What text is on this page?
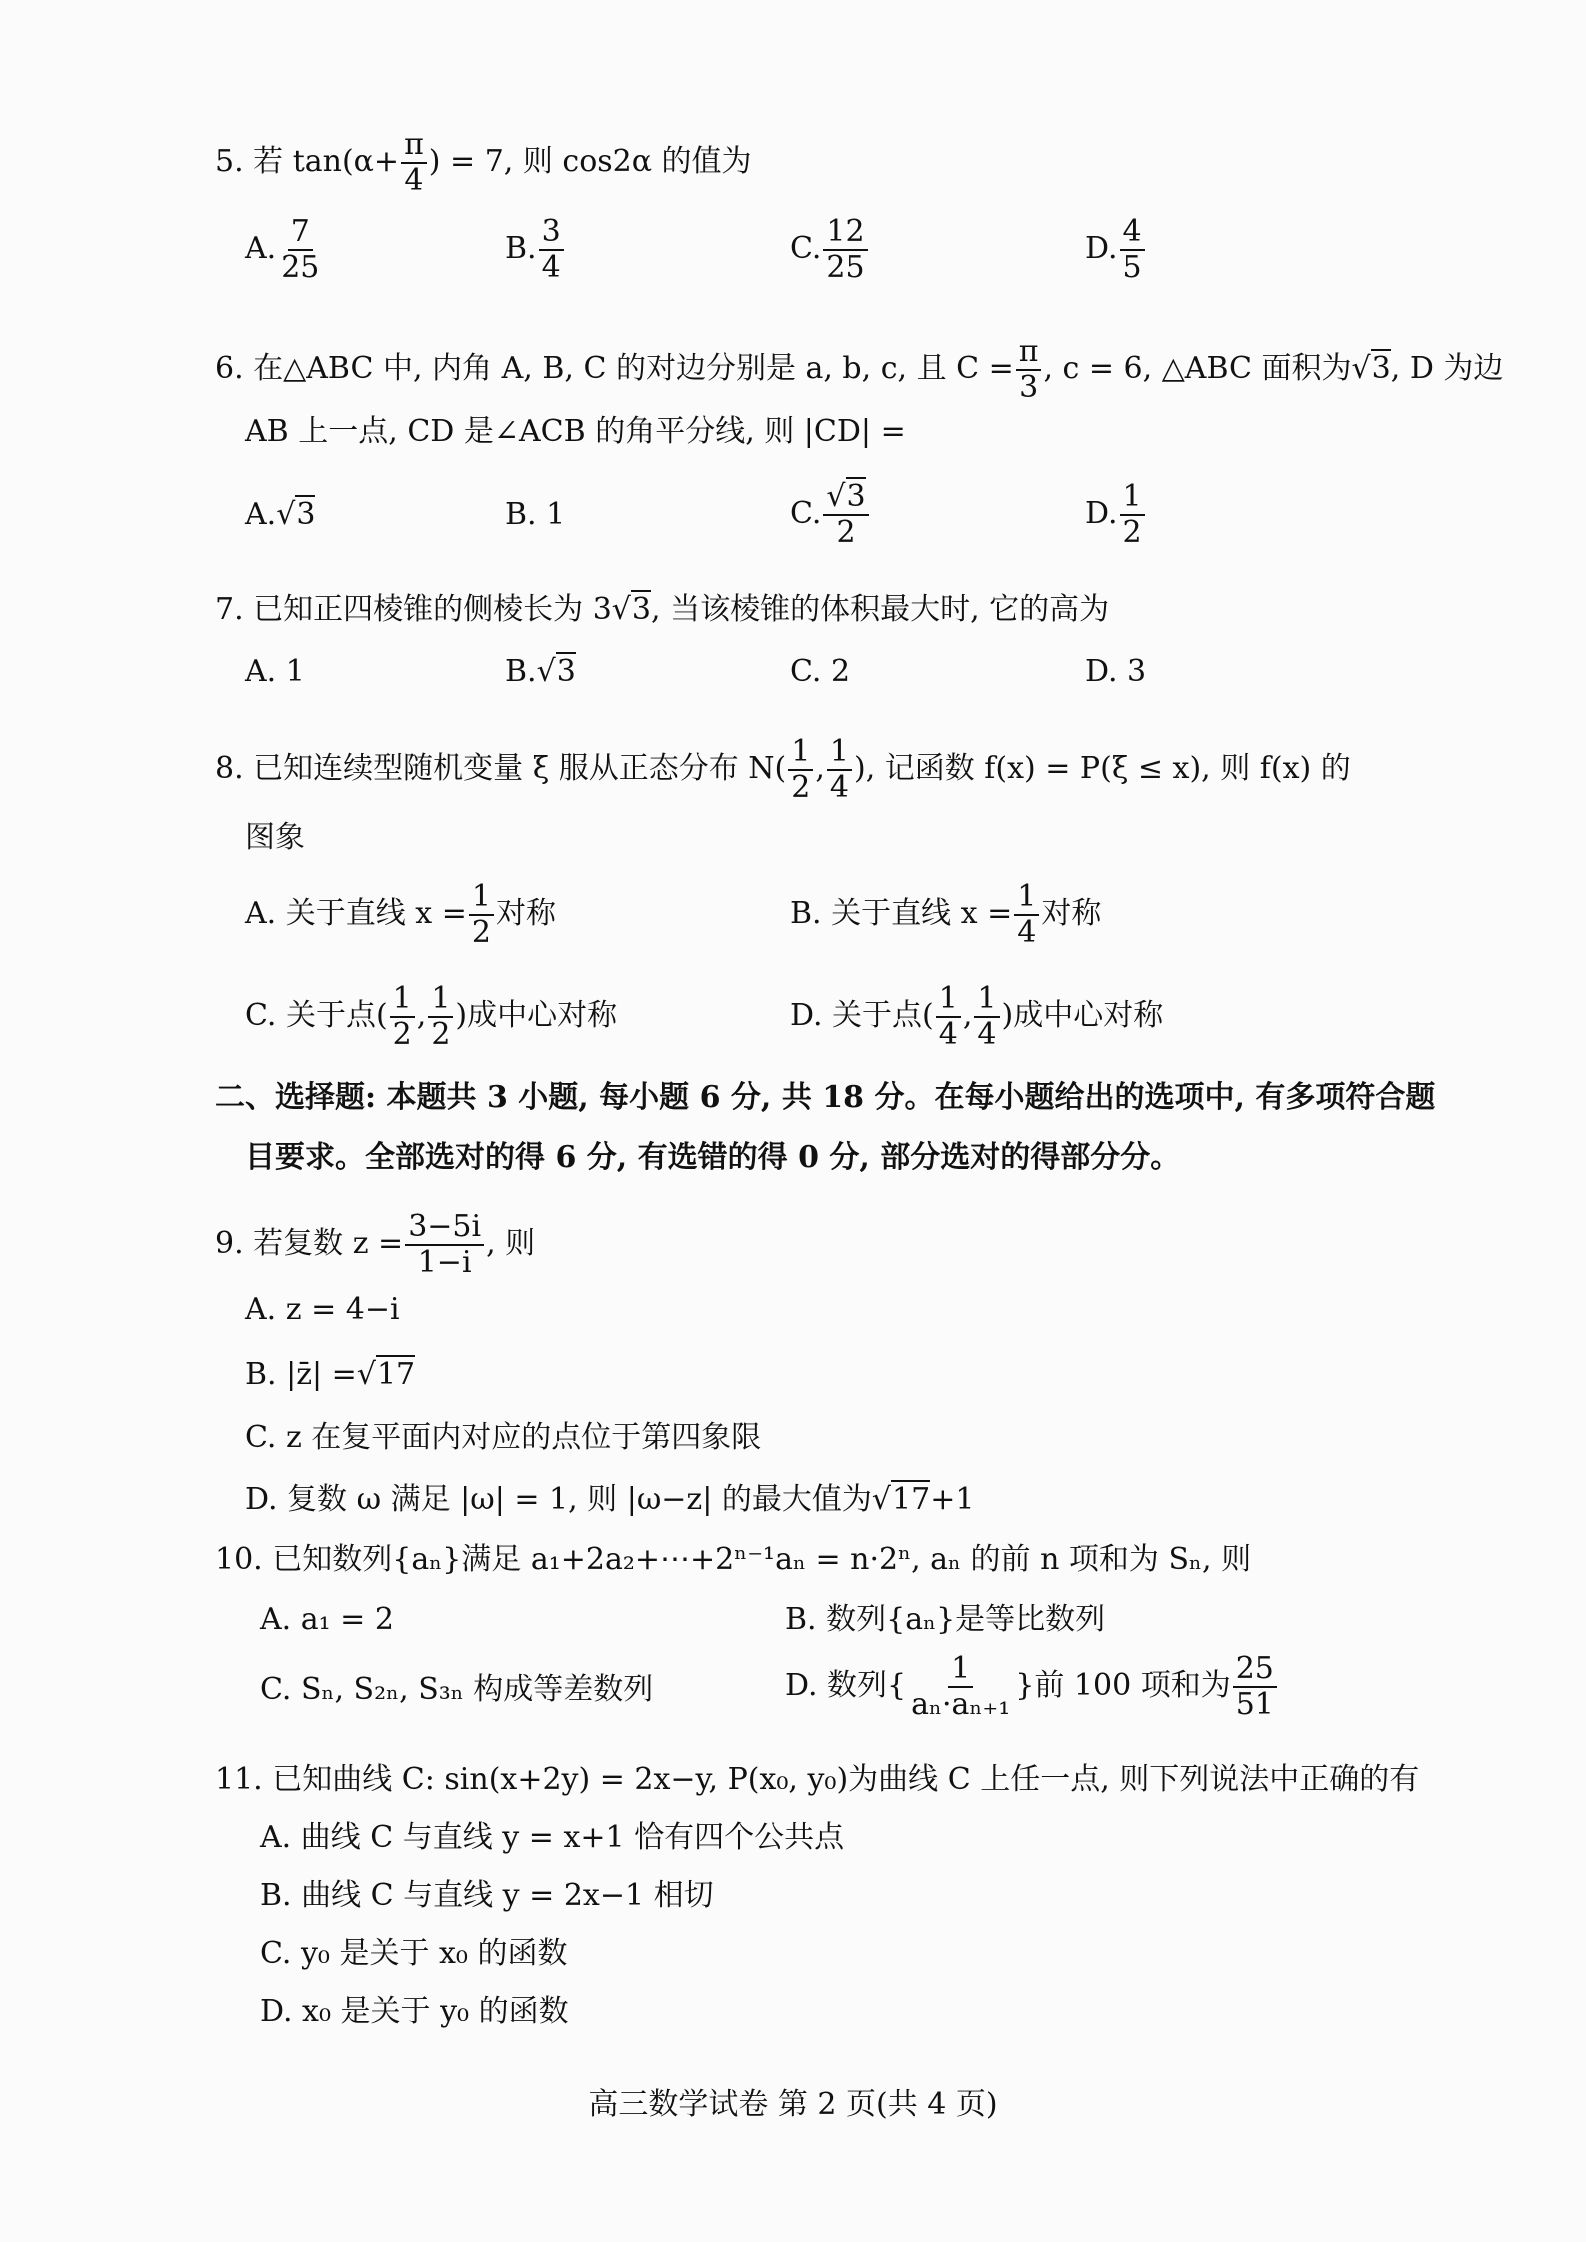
5. 若 $\tan(\alpha+ \frac{\pi}{4}$ ) = 7, 则 cos2α 的值为
A. $\frac{7}{25}$	B. $\frac{3}{4}$	C. $\frac{12}{25}$	D. $\frac{4}{5}$
6. 在△ABC 中, 内角 A, B, C 的对边分别是 a, b, c, 且 $C = \frac{\pi}{3}$ , c = 6, △ABC 面积为√3, D 为边
AB 上一点, CD 是∠ACB 的角平分线, 则 |CD| =
A.√3	B. 1	C. $\frac{√3}{2}$	D. $\frac{1}{2}$
7. 已知正四棱锥的侧棱长为 3√3, 当该棱锥的体积最大时, 它的高为
A. 1	B.√3	C. 2	D. 3
8. 已知连续型随机变量 ξ 服从正态分布 $N( \frac{1}{2}$ , $\frac{1}{4}$ ), 记函数 f(x) = P(ξ ≤ x), 则 f(x) 的
图象
A. 关于直线 $x = \frac{1}{2}$ 对称	B. 关于直线 $x = \frac{1}{4}$ 对称
C. 关于点( $\frac{1}{2}$ , $\frac{1}{2}$ )成中心对称	D. 关于点( $\frac{1}{4}$ , $\frac{1}{4}$ )成中心对称
二、选择题: 本题共 3 小题, 每小题 6 分, 共 18 分。在每小题给出的选项中, 有多项符合题
目要求。全部选对的得 6 分, 有选错的得 0 分, 部分选对的得部分分。
9. 若复数 $z = \frac{3-5i}{1-i}$ , 则
A. z = 4−i
B. |z̄| =√17
C. z 在复平面内对应的点位于第四象限
D. 复数 ω 满足 |ω| = 1, 则 |ω−z| 的最大值为√17+1
10. 已知数列{aₙ}满足 a₁+2a₂+⋯+2ⁿ⁻¹aₙ = n·2ⁿ, aₙ 的前 n 项和为 Sₙ, 则
A. a₁ = 2	B. 数列{aₙ}是等比数列
C. Sₙ, S₂ₙ, S₃ₙ 构成等差数列	D. 数列{ $\frac{1}{\text{aₙ·aₙ₊₁}}$ }前 100 项和为 $\frac{25}{51}$
11. 已知曲线 C: sin(x+2y) = 2x−y, P(x₀, y₀)为曲线 C 上任一点, 则下列说法中正确的有
A. 曲线 C 与直线 y = x+1 恰有四个公共点
B. 曲线 C 与直线 y = 2x−1 相切
C. y₀ 是关于 x₀ 的函数
D. x₀ 是关于 y₀ 的函数
高三数学试卷 第 2 页(共 4 页)
